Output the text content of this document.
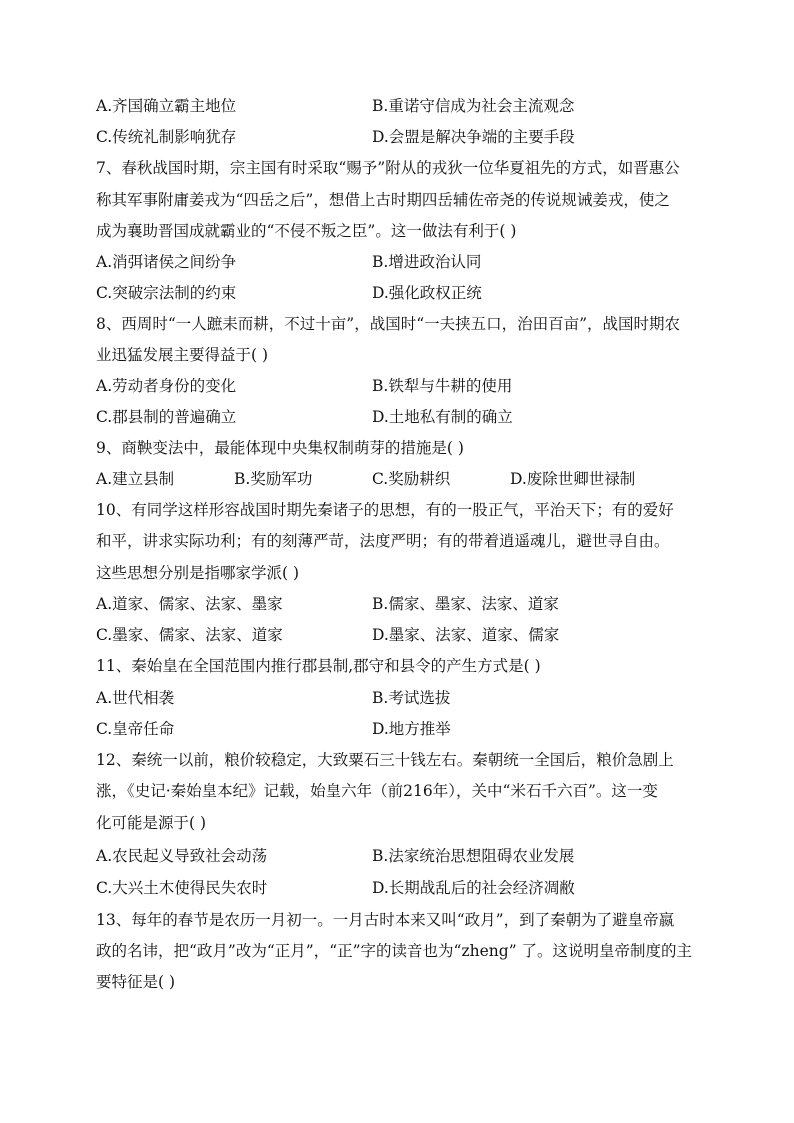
A.齐国确立霸主地位	B.重诺守信成为社会主流观念
C.传统礼制影响犹存	D.会盟是解决争端的主要手段
7、春秋战国时期，宗主国有时采取“赐予”附从的戎狄一位华夏祖先的方式，如晋惠公
称其军事附庸姜戎为“四岳之后”，想借上古时期四岳辅佐帝尧的传说规诫姜戎，使之
成为襄助晋国成就霸业的“不侵不叛之臣”。这一做法有利于( )
A.消弭诸侯之间纷争	B.增进政治认同
C.突破宗法制的约束	D.强化政权正统
8、西周时“一人蹠耒而耕，不过十亩”，战国时“一夫挟五口，治田百亩”，战国时期农
业迅猛发展主要得益于( )
A.劳动者身份的变化	B.铁犁与牛耕的使用
C.郡县制的普遍确立	D.土地私有制的确立
9、商鞅变法中，最能体现中央集权制萌芽的措施是( )
A.建立县制	B.奖励军功	C.奖励耕织	D.废除世卿世禄制
10、有同学这样形容战国时期先秦诸子的思想，有的一股正气，平治天下；有的爱好
和平，讲求实际功利；有的刻薄严苛，法度严明；有的带着逍遥魂儿，避世寻自由。
这些思想分别是指哪家学派( )
A.道家、儒家、法家、墨家	B.儒家、墨家、法家、道家
C.墨家、儒家、法家、道家	D.墨家、法家、道家、儒家
11、秦始皇在全国范围内推行郡县制,郡守和县令的产生方式是( )
A.世代相袭	B.考试选拔
C.皇帝任命	D.地方推举
12、秦统一以前，粮价较稳定，大致粟石三十钱左右。秦朝统一全国后，粮价急剧上
涨，《史记·秦始皇本纪》记载，始皇六年（前216年），关中“米石千六百”。这一变
化可能是源于( )
A.农民起义导致社会动荡	B.法家统治思想阻碍农业发展
C.大兴土木使得民失农时	D.长期战乱后的社会经济凋敝
13、每年的春节是农历一月初一。一月古时本来又叫“政月”，到了秦朝为了避皇帝嬴
政的名讳，把“政月”改为“正月”，“正”字的读音也为“zheng” 了。这说明皇帝制度的主
要特征是( )
